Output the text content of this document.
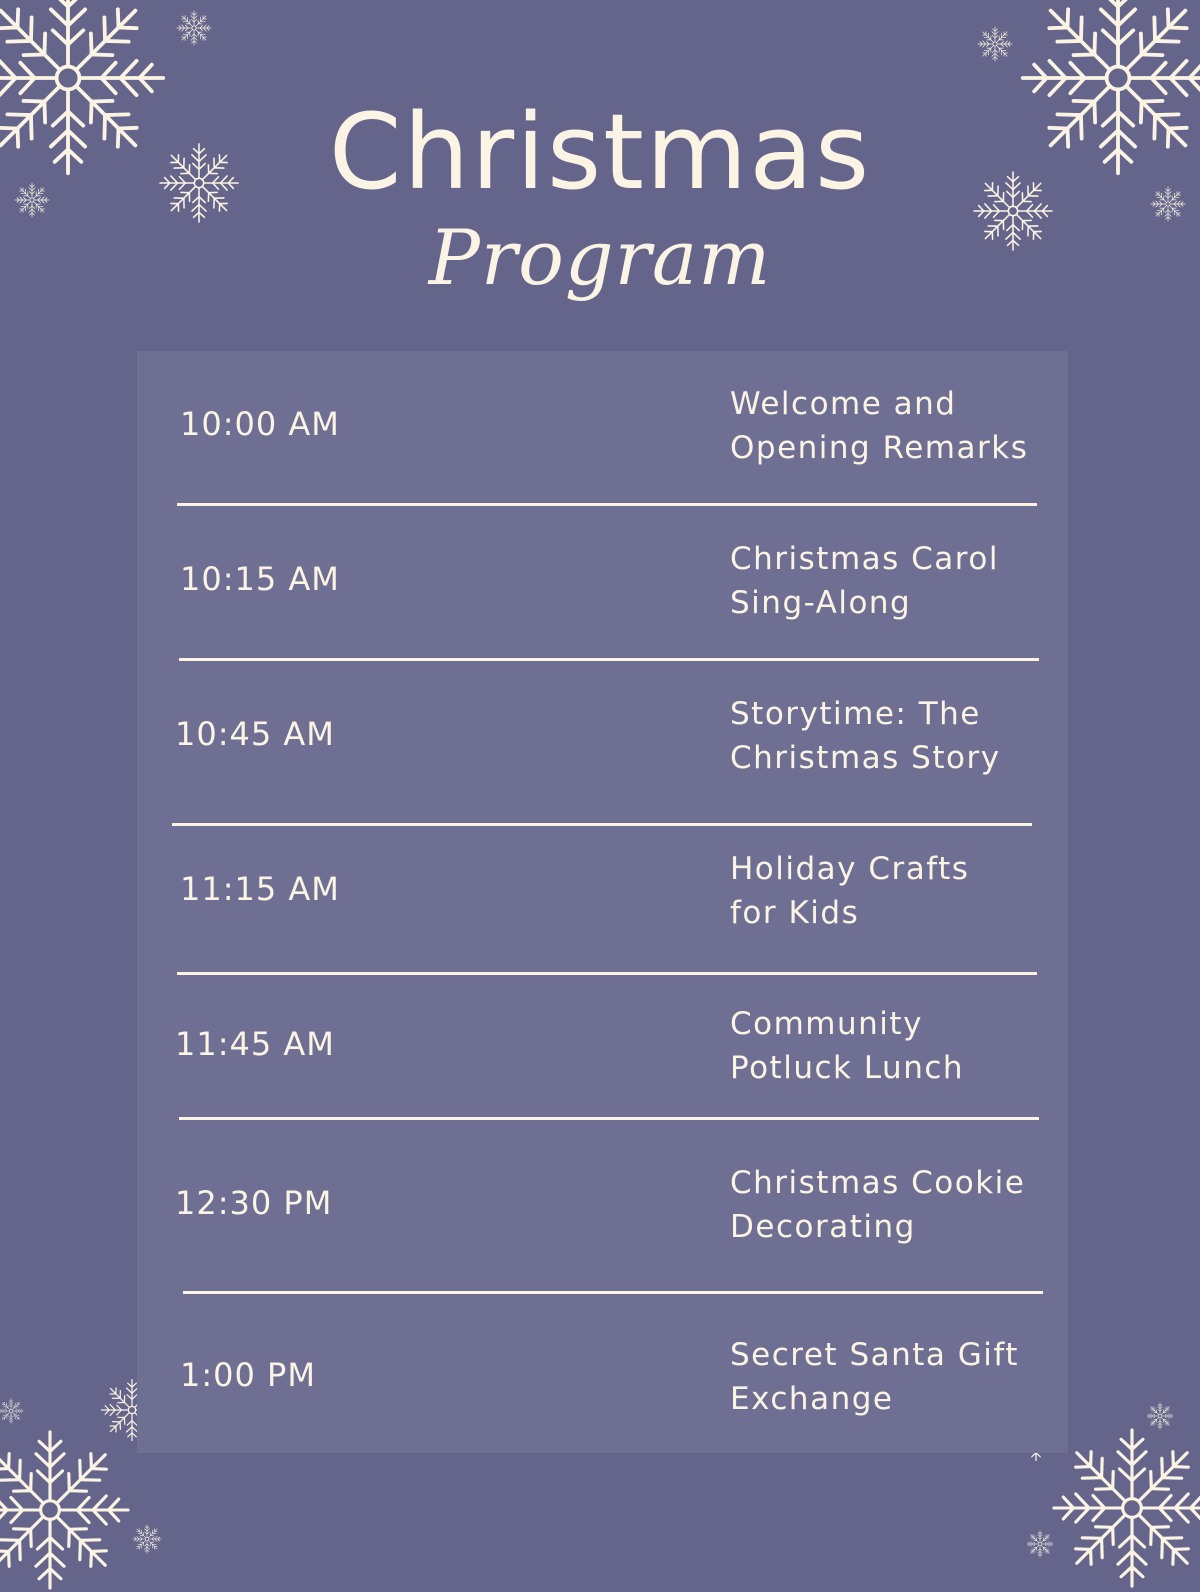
Christmas
Program
10:00 AM
Welcome and
Opening Remarks
10:15 AM
Christmas Carol
Sing-Along
10:45 AM
Storytime: The
Christmas Story
11:15 AM
Holiday Crafts
for Kids
11:45 AM
Community
Potluck Lunch
12:30 PM
Christmas Cookie
Decorating
1:00 PM
Secret Santa Gift
Exchange
